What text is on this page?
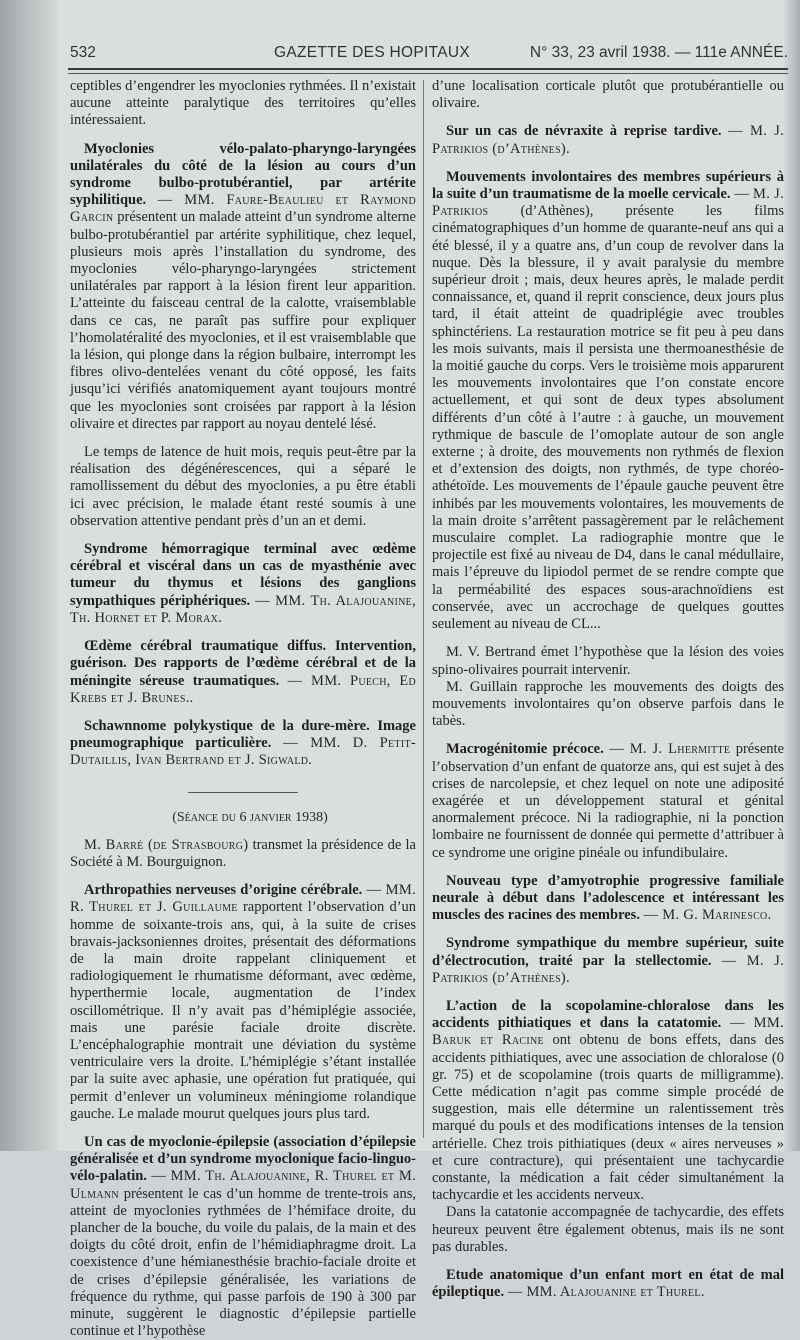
532	GAZETTE DES HOPITAUX	N° 33, 23 avril 1938. — 111e ANNÉE.

ceptibles d’engendrer les myoclonies rythmées. Il n’existait aucune atteinte paralytique des territoires qu’elles intéressaient.

Myoclonies vélo-palato-pharyngo-laryngées unilatérales du côté de la lésion au cours d’un syndrome bulbo-protubérantiel, par artérite syphilitique. — MM. Faure-Beaulieu et Raymond Garcin présentent un malade atteint d’un syndrome alterne bulbo-protubérantiel par artérite syphilitique, chez lequel, plusieurs mois après l’installation du syndrome, des myoclonies vélo-pharyngo-laryngées strictement unilatérales par rapport à la lésion firent leur apparition. L’atteinte du faisceau central de la calotte, vraisemblable dans ce cas, ne paraît pas suffire pour expliquer l’homolatéralité des myoclonies, et il est vraisemblable que la lésion, qui plonge dans la région bulbaire, interrompt les fibres olivo-dentelées venant du côté opposé, les faits jusqu’ici vérifiés anatomiquement ayant toujours montré que les myoclonies sont croisées par rapport à la lésion olivaire et directes par rapport au noyau dentelé lésé.

Le temps de latence de huit mois, requis peut-être par la réalisation des dégénérescences, qui a séparé le ramollissement du début des myoclonies, a pu être établi ici avec précision, le malade étant resté soumis à une observation attentive pendant près d’un an et demi.

Syndrome hémorragique terminal avec œdème cérébral et viscéral dans un cas de myasthénie avec tumeur du thymus et lésions des ganglions sympathiques périphériques. — MM. Th. Alajouanine, Th. Hornet et P. Morax.

Œdème cérébral traumatique diffus. Intervention, guérison. Des rapports de l’œdème cérébral et de la méningite séreuse traumatiques. — MM. Puech, Ed Krebs et J. Brunes..

Schawnnome polykystique de la dure-mère. Image pneumographique particulière. — MM. D. Petit-Dutaillis, Ivan Bertrand et J. Sigwald.

(Séance du 6 janvier 1938)

M. Barré (de Strasbourg) transmet la présidence de la Société à M. Bourguignon.

Arthropathies nerveuses d’origine cérébrale. — MM. R. Thurel et J. Guillaume rapportent l’observation d’un homme de soixante-trois ans, qui, à la suite de crises bravais-jacksoniennes droites, présentait des déformations de la main droite rappelant cliniquement et radiologiquement le rhumatisme déformant, avec œdème, hyperthermie locale, augmentation de l’index oscillométrique. Il n’y avait pas d’hémiplégie associée, mais une parésie faciale droite discrète. L’encéphalographie montrait une déviation du système ventriculaire vers la droite. L’hémiplégie s’étant installée par la suite avec aphasie, une opération fut pratiquée, qui permit d’enlever un volumineux méningiome rolandique gauche. Le malade mourut quelques jours plus tard.

Un cas de myoclonie-épilepsie (association d’épilepsie généralisée et d’un syndrome myoclonique facio-linguo-vélo-palatin. — MM. Th. Alajouanine, R. Thurel et M. Ulmann présentent le cas d’un homme de trente-trois ans, atteint de myoclonies rythmées de l’hémiface droite, du plancher de la bouche, du voile du palais, de la main et des doigts du côté droit, enfin de l’hémidiaphragme droit. La coexistence d’une hémianesthésie brachio-faciale droite et de crises d’épilepsie généralisée, les variations de fréquence du rythme, qui passe parfois de 190 à 300 par minute, suggèrent le diagnostic d’épilepsie partielle continue et l’hypothèse

d’une localisation corticale plutôt que protubérantielle ou olivaire.

Sur un cas de névraxite à reprise tardive. — M. J. Patrikios (d’Athènes).

Mouvements involontaires des membres supérieurs à la suite d’un traumatisme de la moelle cervicale. — M. J. Patrikios (d’Athènes), présente les films cinématographiques d’un homme de quarante-neuf ans qui a été blessé, il y a quatre ans, d’un coup de revolver dans la nuque. Dès la blessure, il y avait paralysie du membre supérieur droit ; mais, deux heures après, le malade perdit connaissance, et, quand il reprit conscience, deux jours plus tard, il était atteint de quadriplégie avec troubles sphinctériens. La restauration motrice se fit peu à peu dans les mois suivants, mais il persista une thermoanesthésie de la moitié gauche du corps. Vers le troisième mois apparurent les mouvements involontaires que l’on constate encore actuellement, et qui sont de deux types absolument différents d’un côté à l’autre : à gauche, un mouvement rythmique de bascule de l’omoplate autour de son angle externe ; à droite, des mouvements non rythmés de flexion et d’extension des doigts, non rythmés, de type choréo-athétoïde. Les mouvements de l’épaule gauche peuvent être inhibés par les mouvements volontaires, les mouvements de la main droite s’arrêtent passagèrement par le relâchement musculaire complet. La radiographie montre que le projectile est fixé au niveau de D4, dans le canal médullaire, mais l’épreuve du lipiodol permet de se rendre compte que la perméabilité des espaces sous-arachnoïdiens est conservée, avec un accrochage de quelques gouttes seulement au niveau de CL...

M. V. Bertrand émet l’hypothèse que la lésion des voies spino-olivaires pourrait intervenir.

M. Guillain rapproche les mouvements des doigts des mouvements involontaires qu’on observe parfois dans le tabès.

Macrogénitomie précoce. — M. J. Lhermitte présente l’observation d’un enfant de quatorze ans, qui est sujet à des crises de narcolepsie, et chez lequel on note une adiposité exagérée et un développement statural et génital anormalement précoce. Ni la radiographie, ni la ponction lombaire ne fournissent de donnée qui permette d’attribuer à ce syndrome une origine pinéale ou infundibulaire.

Nouveau type d’amyotrophie progressive familiale neurale à début dans l’adolescence et intéressant les muscles des racines des membres. — M. G. Marinesco.

Syndrome sympathique du membre supérieur, suite d’électrocution, traité par la stellectomie. — M. J. Patrikios (d’Athènes).

L’action de la scopolamine-chloralose dans les accidents pithiatiques et dans la catatomie. — MM. Baruk et Racine ont obtenu de bons effets, dans des accidents pithiatiques, avec une association de chloralose (0 gr. 75) et de scopolamine (trois quarts de milligramme). Cette médication n’agit pas comme simple procédé de suggestion, mais elle détermine un ralentissement très marqué du pouls et des modifications intenses de la tension artérielle. Chez trois pithiatiques (deux « aires nerveuses » et cure contracture), qui présentaient une tachycardie constante, la médication a fait céder simultanément la tachycardie et les accidents nerveux.

Dans la catatonie accompagnée de tachycardie, des effets heureux peuvent être également obtenus, mais ils ne sont pas durables.

Etude anatomique d’un enfant mort en état de mal épileptique. — MM. Alajouanine et Thurel.
